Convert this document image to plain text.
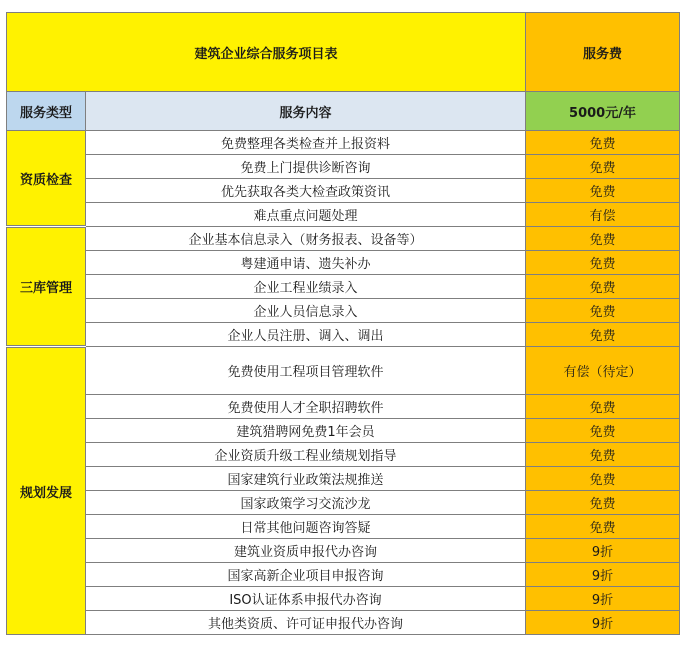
建筑企业综合服务项目表		服务费
服务类型	服务内容	5000元/年
资质检查	免费整理各类检查并上报资料	免费
	免费上门提供诊断咨询	免费
	优先获取各类大检查政策资讯	免费
	难点重点问题处理	有偿
三库管理	企业基本信息录入（财务报表、设备等）	免费
	粤建通申请、遗失补办	免费
	企业工程业绩录入	免费
	企业人员信息录入	免费
	企业人员注册、调入、调出	免费
规划发展	免费使用工程项目管理软件	有偿（待定）
	免费使用人才全职招聘软件	免费
	建筑猎聘网免费1年会员	免费
	企业资质升级工程业绩规划指导	免费
	国家建筑行业政策法规推送	免费
	国家政策学习交流沙龙	免费
	日常其他问题咨询答疑	免费
	建筑业资质申报代办咨询	9折
	国家高新企业项目申报咨询	9折
	ISO认证体系申报代办咨询	9折
	其他类资质、许可证申报代办咨询	9折
